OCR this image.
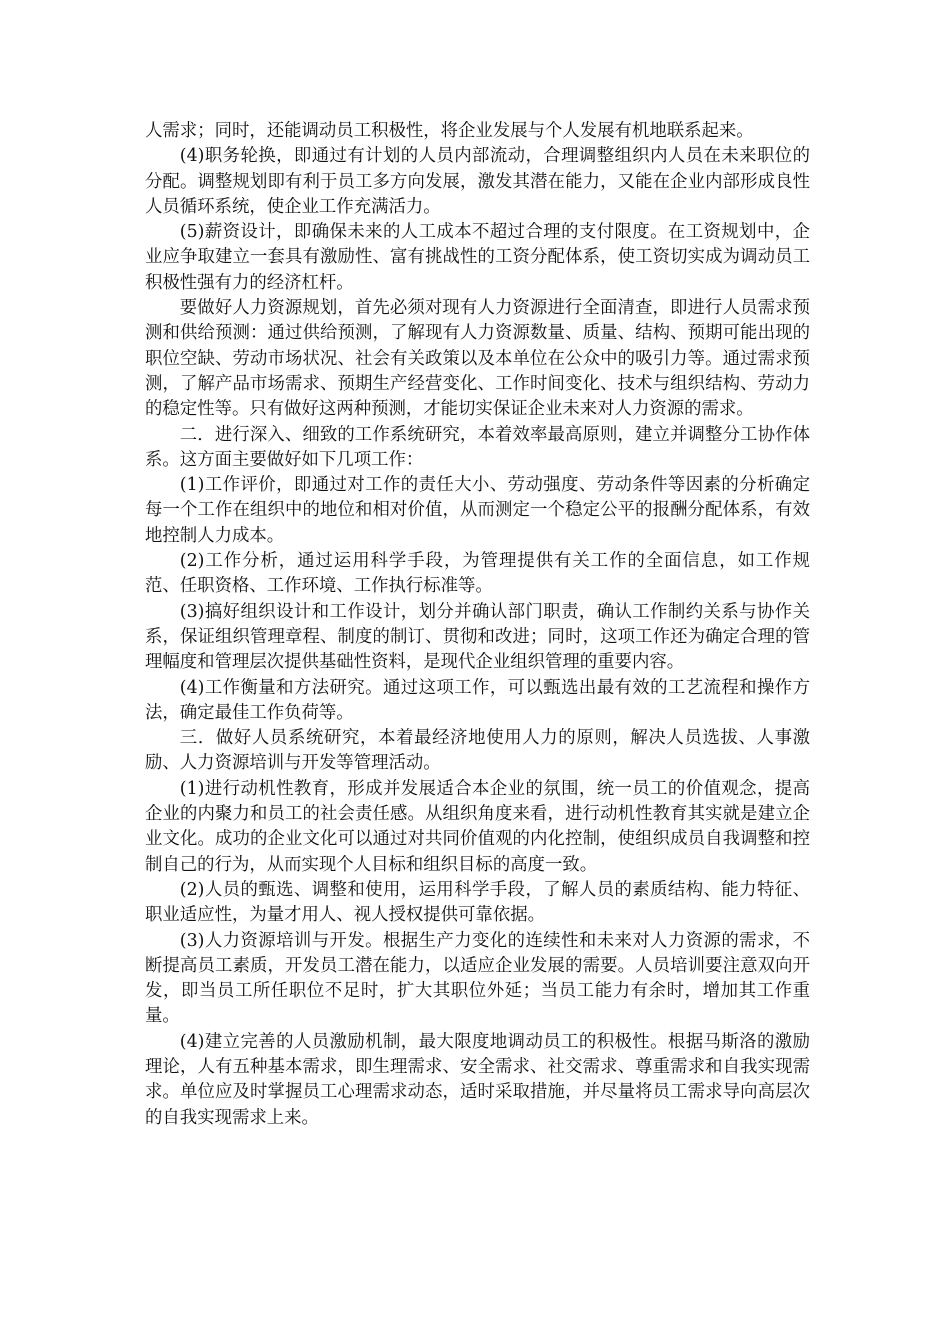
人需求；同时，还能调动员工积极性，将企业发展与个人发展有机地联系起来。

(4)职务轮换，即通过有计划的人员内部流动，合理调整组织内人员在未来职位的分配。调整规划即有利于员工多方向发展，激发其潜在能力，又能在企业内部形成良性人员循环系统，使企业工作充满活力。

(5)薪资设计，即确保未来的人工成本不超过合理的支付限度。在工资规划中，企业应争取建立一套具有激励性、富有挑战性的工资分配体系，使工资切实成为调动员工积极性强有力的经济杠杆。

要做好人力资源规划，首先必须对现有人力资源进行全面清查，即进行人员需求预测和供给预测：通过供给预测，了解现有人力资源数量、质量、结构、预期可能出现的职位空缺、劳动市场状况、社会有关政策以及本单位在公众中的吸引力等。通过需求预测，了解产品市场需求、预期生产经营变化、工作时间变化、技术与组织结构、劳动力的稳定性等。只有做好这两种预测，才能切实保证企业未来对人力资源的需求。

二．进行深入、细致的工作系统研究，本着效率最高原则，建立并调整分工协作体系。这方面主要做好如下几项工作：

(1)工作评价，即通过对工作的责任大小、劳动强度、劳动条件等因素的分析确定每一个工作在组织中的地位和相对价值，从而测定一个稳定公平的报酬分配体系，有效地控制人力成本。

(2)工作分析，通过运用科学手段，为管理提供有关工作的全面信息，如工作规范、任职资格、工作环境、工作执行标准等。

(3)搞好组织设计和工作设计，划分并确认部门职责，确认工作制约关系与协作关系，保证组织管理章程、制度的制订、贯彻和改进；同时，这项工作还为确定合理的管理幅度和管理层次提供基础性资料，是现代企业组织管理的重要内容。

(4)工作衡量和方法研究。通过这项工作，可以甄选出最有效的工艺流程和操作方法，确定最佳工作负荷等。

三．做好人员系统研究，本着最经济地使用人力的原则，解决人员选拔、人事激励、人力资源培训与开发等管理活动。

(1)进行动机性教育，形成并发展适合本企业的氛围，统一员工的价值观念，提高企业的内聚力和员工的社会责任感。从组织角度来看，进行动机性教育其实就是建立企业文化。成功的企业文化可以通过对共同价值观的内化控制，使组织成员自我调整和控制自己的行为，从而实现个人目标和组织目标的高度一致。

(2)人员的甄选、调整和使用，运用科学手段，了解人员的素质结构、能力特征、职业适应性，为量才用人、视人授权提供可靠依据。

(3)人力资源培训与开发。根据生产力变化的连续性和未来对人力资源的需求，不断提高员工素质，开发员工潜在能力，以适应企业发展的需要。人员培训要注意双向开发，即当员工所任职位不足时，扩大其职位外延；当员工能力有余时，增加其工作重量。

(4)建立完善的人员激励机制，最大限度地调动员工的积极性。根据马斯洛的激励理论，人有五种基本需求，即生理需求、安全需求、社交需求、尊重需求和自我实现需求。单位应及时掌握员工心理需求动态，适时采取措施，并尽量将员工需求导向高层次的自我实现需求上来。
